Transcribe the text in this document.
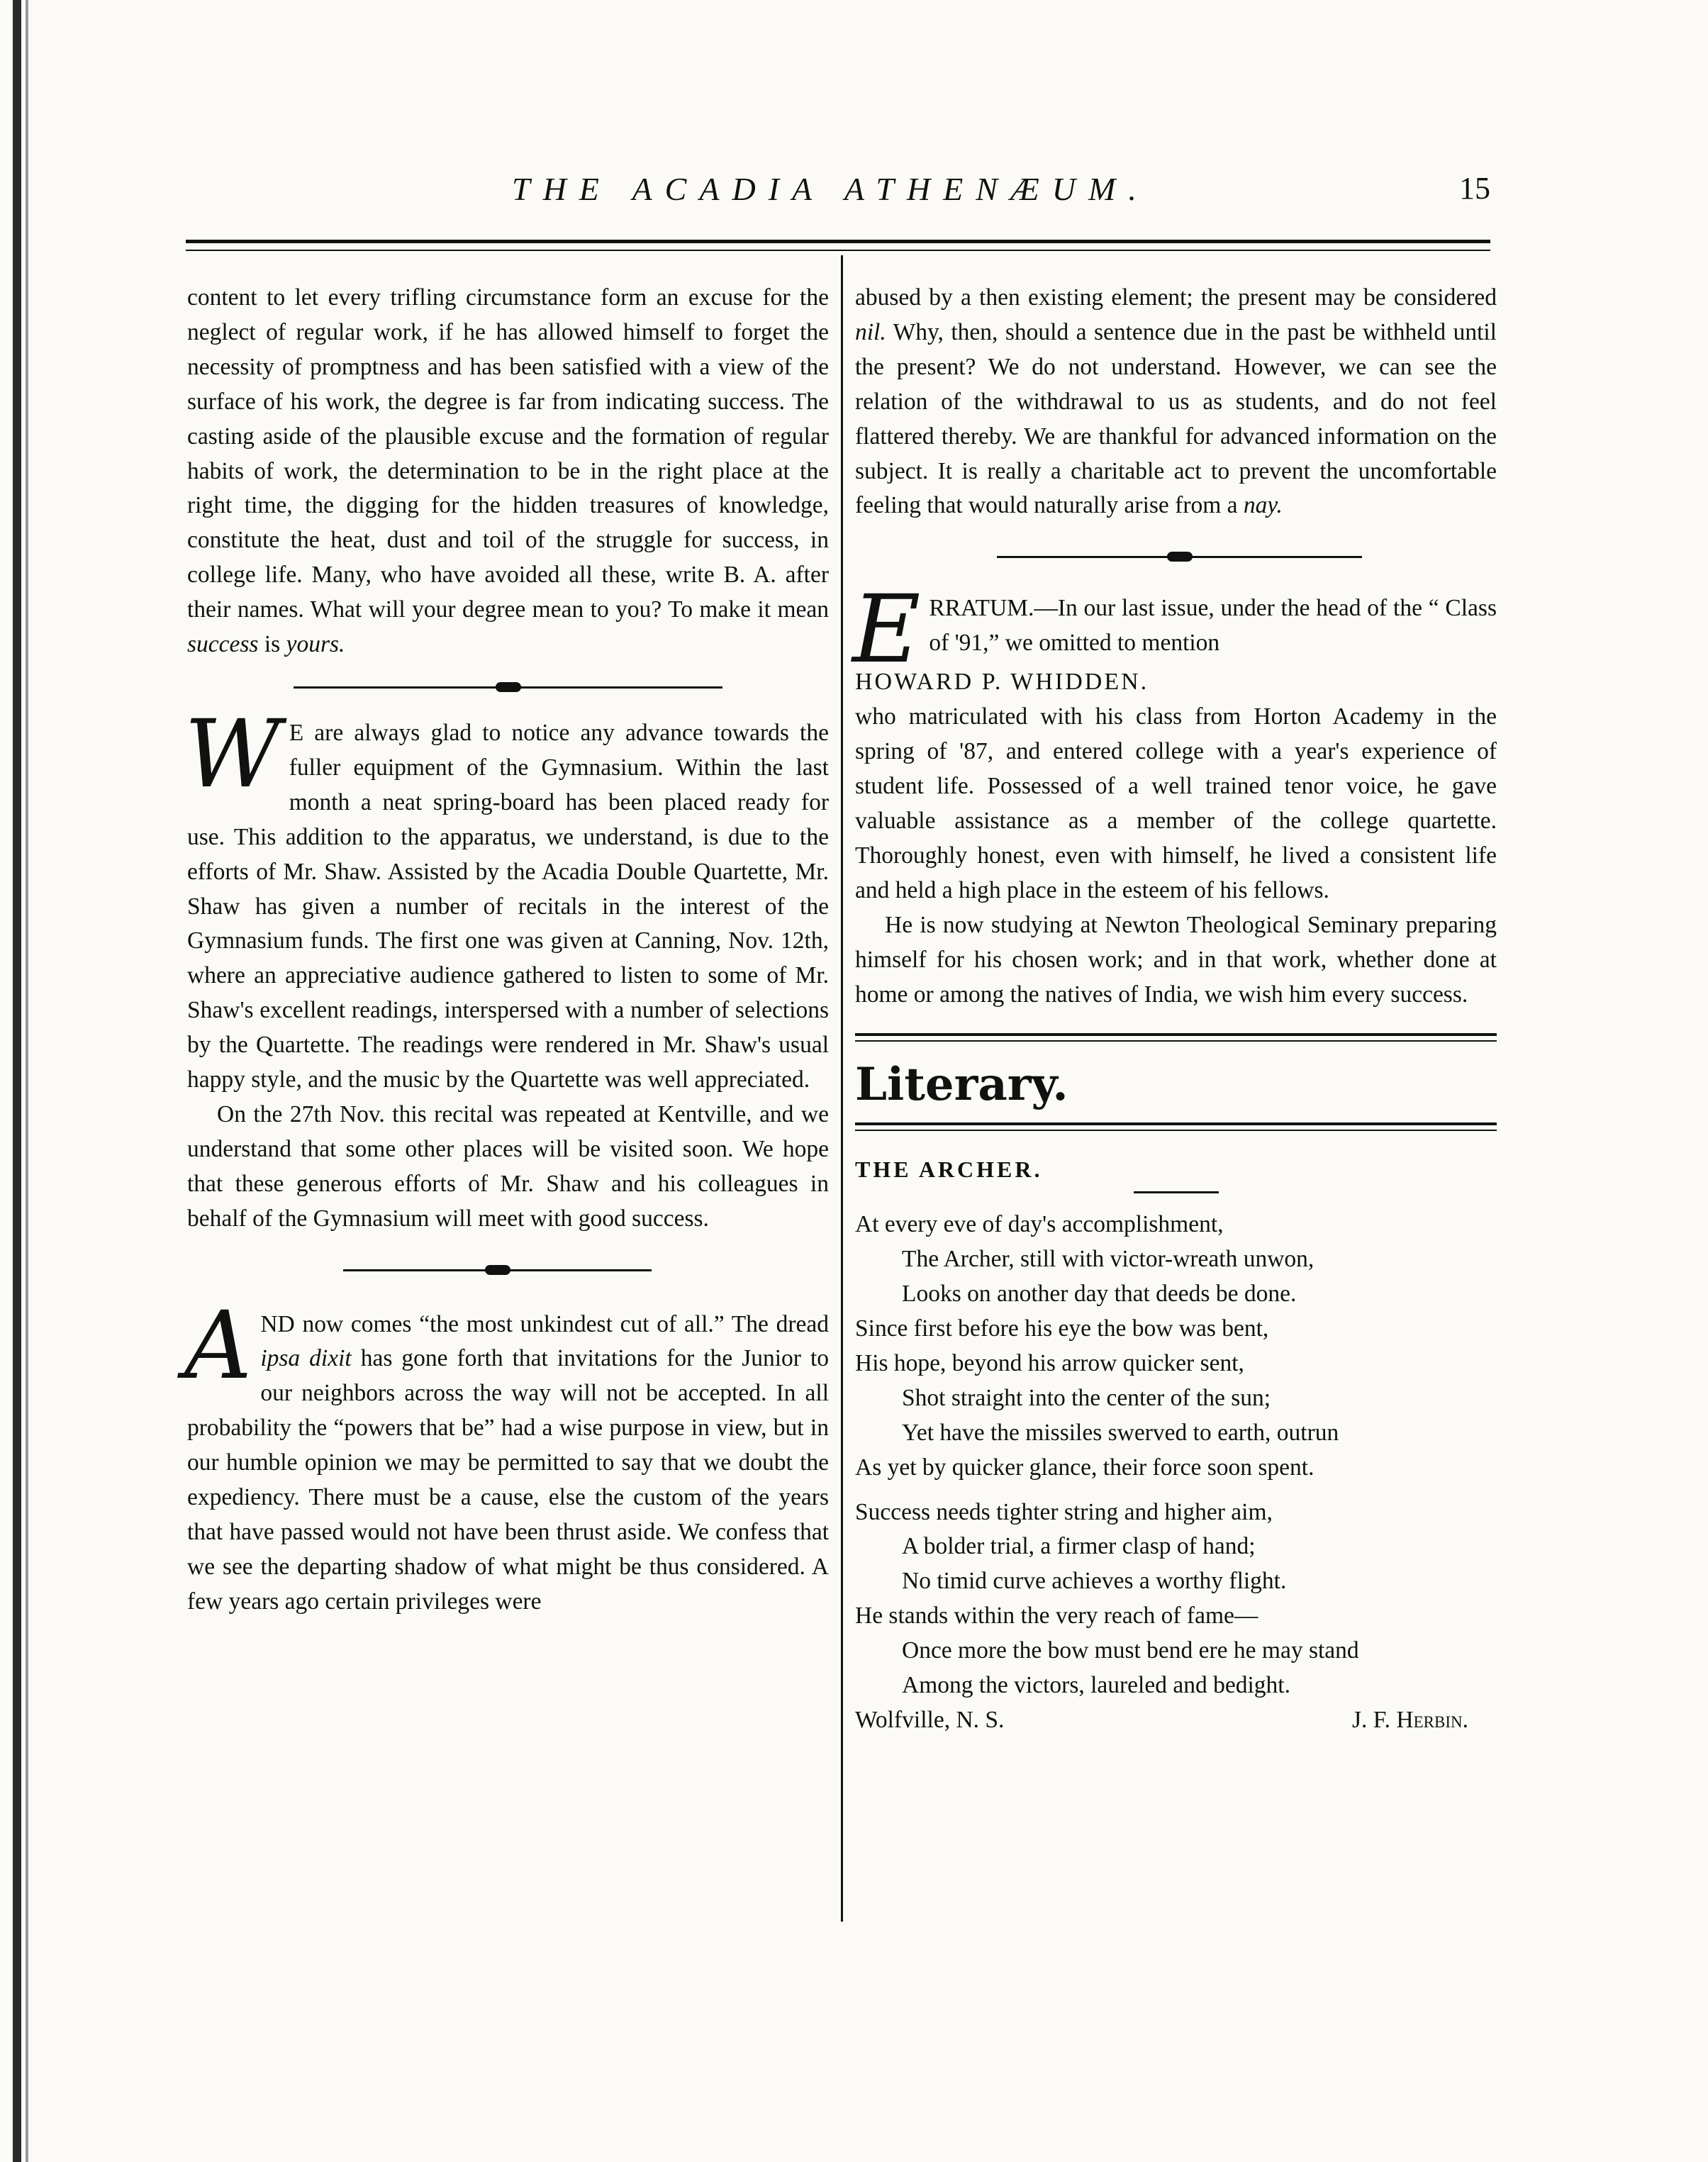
THE ACADIA ATHENÆUM.	15

content to let every trifling circumstance form an excuse for the neglect of regular work, if he has allowed himself to forget the necessity of promptness and has been satisfied with a view of the surface of his work, the degree is far from indicating success. The casting aside of the plausible excuse and the formation of regular habits of work, the determination to be in the right place at the right time, the digging for the hidden treasures of knowledge, constitute the heat, dust and toil of the struggle for success, in college life. Many, who have avoided all these, write B. A. after their names. What will your degree mean to you? To make it mean success is yours.

W E are always glad to notice any advance towards the fuller equipment of the Gymnasium. Within the last month a neat spring-board has been placed ready for use. This addition to the apparatus, we understand, is due to the efforts of Mr. Shaw. Assisted by the Acadia Double Quartette, Mr. Shaw has given a number of recitals in the interest of the Gymnasium funds. The first one was given at Canning, Nov. 12th, where an appreciative audience gathered to listen to some of Mr. Shaw's excellent readings, interspersed with a number of selections by the Quartette. The readings were rendered in Mr. Shaw's usual happy style, and the music by the Quartette was well appreciated.

On the 27th Nov. this recital was repeated at Kentville, and we understand that some other places will be visited soon. We hope that these generous efforts of Mr. Shaw and his colleagues in behalf of the Gymnasium will meet with good success.

A ND now comes “the most unkindest cut of all.” The dread ipsa dixit has gone forth that invitations for the Junior to our neighbors across the way will not be accepted. In all probability the “powers that be” had a wise purpose in view, but in our humble opinion we may be permitted to say that we doubt the expediency. There must be a cause, else the custom of the years that have passed would not have been thrust aside. We confess that we see the departing shadow of what might be thus considered. A few years ago certain privileges were

abused by a then existing element; the present may be considered nil. Why, then, should a sentence due in the past be withheld until the present? We do not understand. However, we can see the relation of the withdrawal to us as students, and do not feel flattered thereby. We are thankful for advanced information on the subject. It is really a charitable act to prevent the uncomfortable feeling that would naturally arise from a nay.

E RRATUM.—In our last issue, under the head of the “ Class of '91,” we omitted to mention

HOWARD P. WHIDDEN.

who matriculated with his class from Horton Academy in the spring of '87, and entered college with a year's experience of student life. Possessed of a well trained tenor voice, he gave valuable assistance as a member of the college quartette. Thoroughly honest, even with himself, he lived a consistent life and held a high place in the esteem of his fellows.

He is now studying at Newton Theological Seminary preparing himself for his chosen work; and in that work, whether done at home or among the natives of India, we wish him every success.

Literary.

THE ARCHER.

At every eve of day's accomplishment,

The Archer, still with victor-wreath unwon,

Looks on another day that deeds be done.

Since first before his eye the bow was bent,

His hope, beyond his arrow quicker sent,

Shot straight into the center of the sun;

Yet have the missiles swerved to earth, outrun

As yet by quicker glance, their force soon spent.

Success needs tighter string and higher aim,

A bolder trial, a firmer clasp of hand;

No timid curve achieves a worthy flight.

He stands within the very reach of fame—

Once more the bow must bend ere he may stand

Among the victors, laureled and bedight.

Wolfville, N. S.	J. F. Herbin.
